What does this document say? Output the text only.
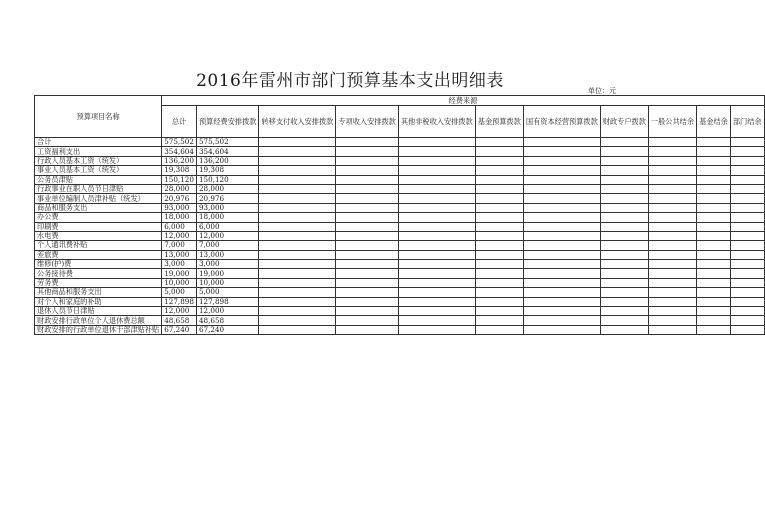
2016年雷州市部门预算基本支出明细表	单位：元
预算项目名称	经费来源										
	总计	预算经费安排拨款	转移支付收入安排拨款	专项收入安排拨款	其他非税收入安排拨款	基金预算拨款	国有资本经营预算拨款	财政专户拨款	一般公共结余	基金结余	部门结余
合计	575,502	575,502									
工资福利支出	354,604	354,604									
行政人员基本工资（统发）	136,200	136,200									
事业人员基本工资（统发）	19,308	19,308									
公务员津贴	150,120	150,120									
行政事业在职人员节日津贴	28,000	28,000									
事业单位编制人员津补贴（统发）	20,976	20,976									
商品和服务支出	93,000	93,000									
办公费	18,000	18,000									
印刷费	6,000	6,000									
水电费	12,000	12,000									
个人通讯费补贴	7,000	7,000									
差旅费	13,000	13,000									
维修(护)费	3,000	3,000									
公务接待费	19,000	19,000									
劳务费	10,000	10,000									
其他商品和服务支出	5,000	5,000									
对个人和家庭的补助	127,898	127,898									
退休人员节日津贴	12,000	12,000									
财政安排行政单位个人退休费总额	48,658	48,658									
财政安排的行政单位退休干部津贴补贴	67,240	67,240									
